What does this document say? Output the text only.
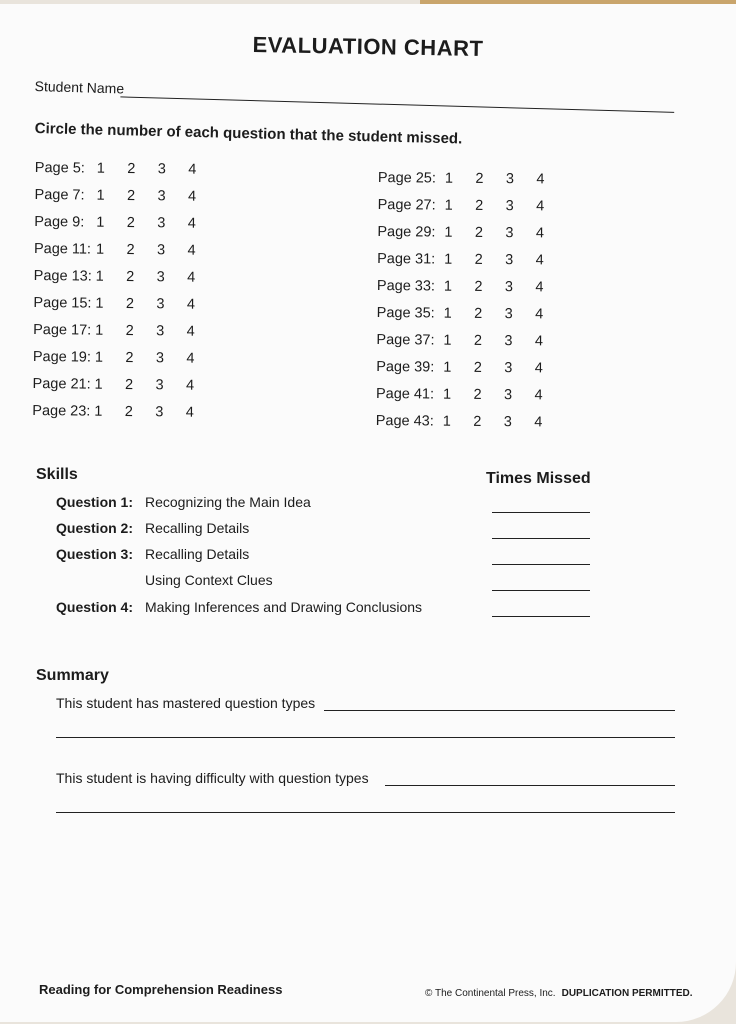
EVALUATION CHART
Student Name
Circle the number of each question that the student missed.
Page 5: 1	2	3	4
Page 7: 1	2	3	4
Page 9: 1	2	3	4
Page 11: 1	2	3	4
Page 13: 1	2	3	4
Page 15: 1	2	3	4
Page 17: 1	2	3	4
Page 19: 1	2	3	4
Page 21: 1	2	3	4
Page 23: 1	2	3	4
Page 25: 1	2	3	4
Page 27: 1	2	3	4
Page 29: 1	2	3	4
Page 31: 1	2	3	4
Page 33: 1	2	3	4
Page 35: 1	2	3	4
Page 37: 1	2	3	4
Page 39: 1	2	3	4
Page 41: 1	2	3	4
Page 43: 1	2	3	4
Skills	Times Missed
Question 1: Recognizing the Main Idea
Question 2: Recalling Details
Question 3: Recalling Details
Using Context Clues
Question 4: Making Inferences and Drawing Conclusions
Summary
This student has mastered question types
This student is having difficulty with question types
Reading for Comprehension Readiness	© The Continental Press, Inc. DUPLICATION PERMITTED.
